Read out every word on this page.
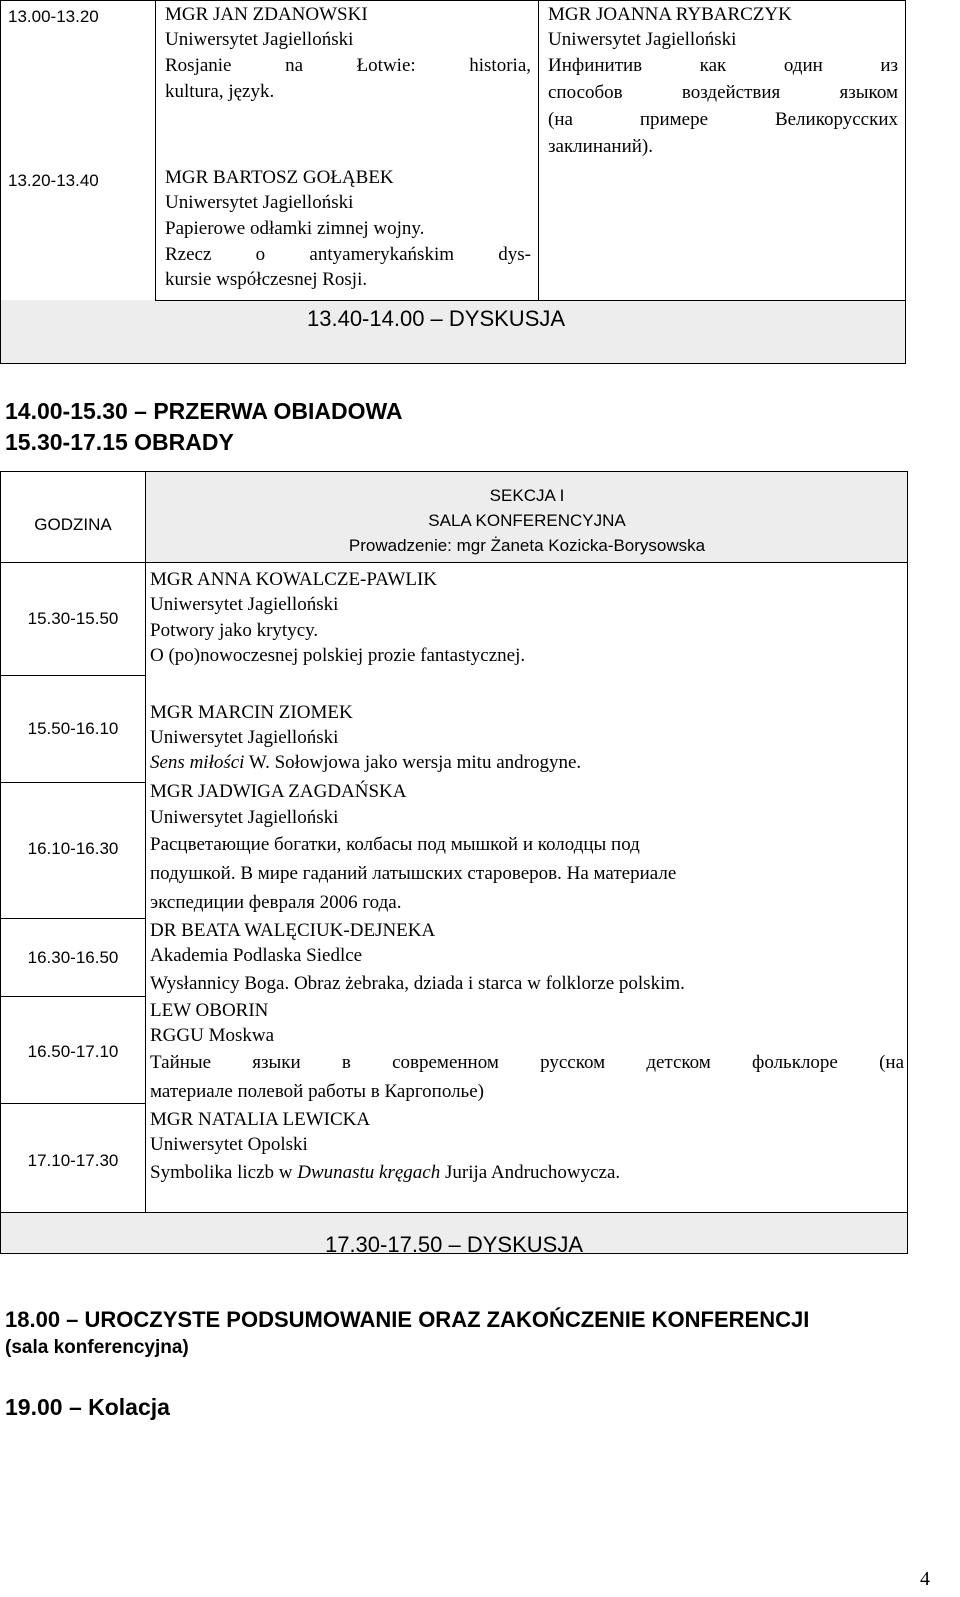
13.00-13.20	MGR JAN ZDANOWSKI
Uniwersytet Jagielloński
Rosjanie na Łotwie: historia,
kultura, język.
MGR JOANNA RYBARCZYK
Uniwersytet Jagielloński
Инфинитив как один из
способов воздействия языком
(на примере Великорусских
заклинаний).
13.20-13.40	MGR BARTOSZ GOŁĄBEK
Uniwersytet Jagielloński
Papierowe odłamki zimnej wojny.
Rzecz o antyamerykańskim dys-
kursie współczesnej Rosji.
13.40-14.00 – DYSKUSJA
14.00-15.30 – PRZERWA OBIADOWA
15.30-17.15 OBRADY
GODZINA
SEKCJA I
SALA KONFERENCYJNA
Prowadzenie: mgr Żaneta Kozicka-Borysowska
15.30-15.50
MGR ANNA KOWALCZE-PAWLIK
Uniwersytet Jagielloński
Potwory jako krytycy.
O (po)nowoczesnej polskiej prozie fantastycznej.
15.50-16.10
MGR MARCIN ZIOMEK
Uniwersytet Jagielloński
Sens miłości W. Sołowjowa jako wersja mitu androgyne.
16.10-16.30
MGR JADWIGA ZAGDAŃSKA
Uniwersytet Jagielloński
Расцветающие богатки, колбасы под мышкой и колодцы под
подушкой. В мире гаданий латышских староверов. На материале
экспедиции февраля 2006 года.
16.30-16.50
DR BEATA WALĘCIUK-DEJNEKA
Akademia Podlaska Siedlce
Wysłannicy Boga. Obraz żebraka, dziada i starca w folklorze polskim.
16.50-17.10
LEW OBORIN
RGGU Moskwa
Тайные языки в современном русском детском фольклоре (на
материале полевой работы в Каргополье)
17.10-17.30
MGR NATALIA LEWICKA
Uniwersytet Opolski
Symbolika liczb w Dwunastu kręgach Jurija Andruchowycza.
17.30-17.50 – DYSKUSJA
18.00 – UROCZYSTE PODSUMOWANIE ORAZ ZAKOŃCZENIE KONFERENCJI
(sala konferencyjna)
19.00 – Kolacja
4
